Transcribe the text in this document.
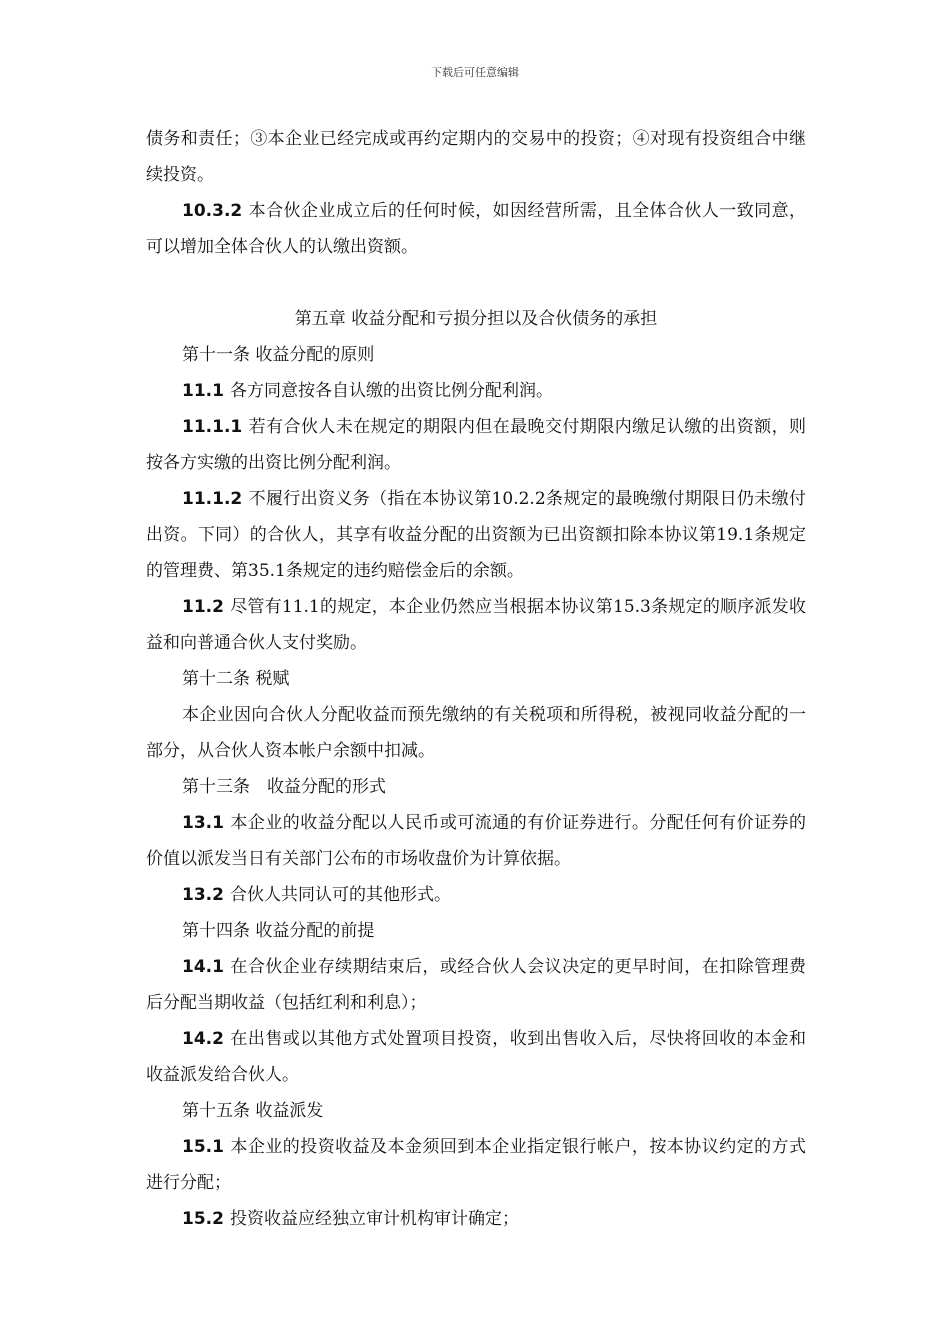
下载后可任意编辑

债务和责任；③本企业已经完成或再约定期内的交易中的投资；④对现有投资组合中继续投资。

10.3.2 本合伙企业成立后的任何时候，如因经营所需，且全体合伙人一致同意，可以增加全体合伙人的认缴出资额。

第五章 收益分配和亏损分担以及合伙债务的承担

第十一条 收益分配的原则

11.1 各方同意按各自认缴的出资比例分配利润。

11.1.1 若有合伙人未在规定的期限内但在最晚交付期限内缴足认缴的出资额，则按各方实缴的出资比例分配利润。

11.1.2 不履行出资义务（指在本协议第10.2.2条规定的最晚缴付期限日仍未缴付出资。下同）的合伙人，其享有收益分配的出资额为已出资额扣除本协议第19.1条规定的管理费、第35.1条规定的违约赔偿金后的余额。

11.2 尽管有11.1的规定，本企业仍然应当根据本协议第15.3条规定的顺序派发收益和向普通合伙人支付奖励。

第十二条 税赋

本企业因向合伙人分配收益而预先缴纳的有关税项和所得税，被视同收益分配的一部分，从合伙人资本帐户余额中扣减。

第十三条　收益分配的形式

13.1 本企业的收益分配以人民币或可流通的有价证券进行。分配任何有价证券的价值以派发当日有关部门公布的市场收盘价为计算依据。

13.2 合伙人共同认可的其他形式。

第十四条 收益分配的前提

14.1 在合伙企业存续期结束后，或经合伙人会议决定的更早时间，在扣除管理费后分配当期收益（包括红利和利息）；

14.2 在出售或以其他方式处置项目投资，收到出售收入后，尽快将回收的本金和收益派发给合伙人。

第十五条 收益派发

15.1 本企业的投资收益及本金须回到本企业指定银行帐户，按本协议约定的方式进行分配；

15.2 投资收益应经独立审计机构审计确定；
